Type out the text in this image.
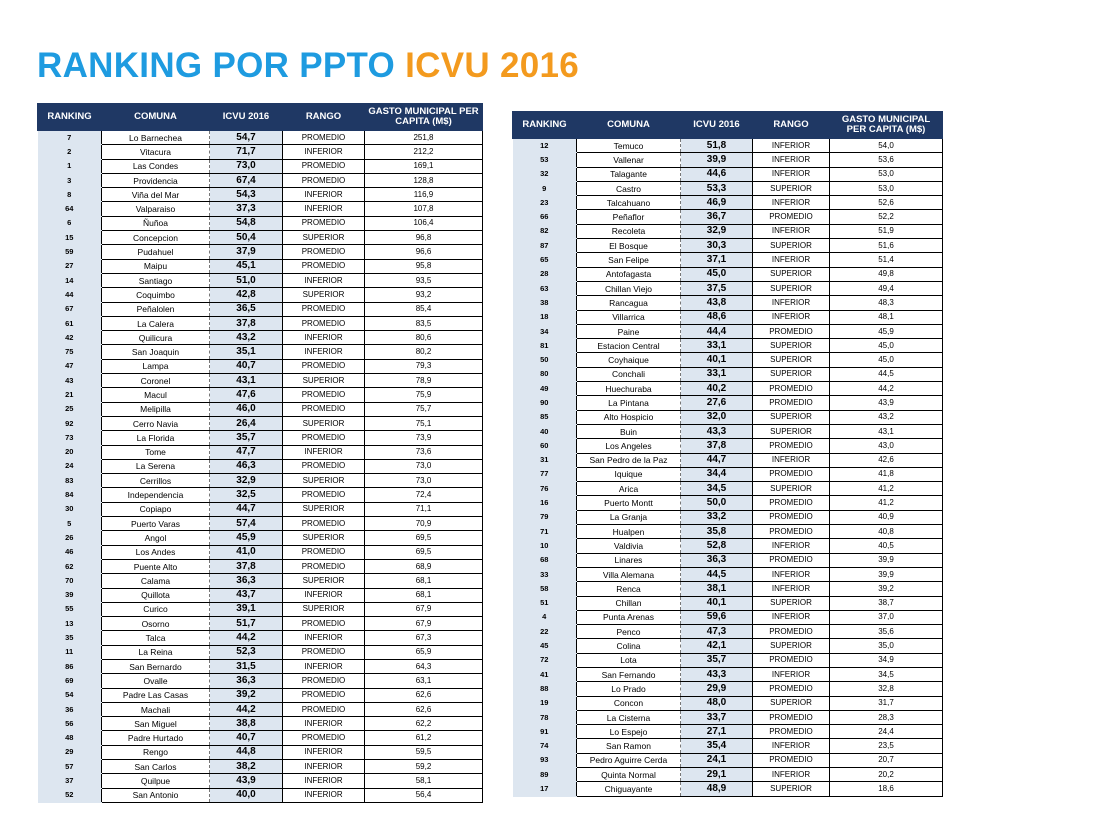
RANKING POR PPTO ICVU 2016
RANKING	COMUNA	ICVU 2016	RANGO	GASTO MUNICIPAL PER CAPITA (M$)
7	Lo Barnechea	54,7	PROMEDIO	251,8
2	Vitacura	71,7	INFERIOR	212,2
1	Las Condes	73,0	PROMEDIO	169,1
3	Providencia	67,4	PROMEDIO	128,8
8	Viña del Mar	54,3	INFERIOR	116,9
64	Valparaiso	37,3	INFERIOR	107,8
6	Ñuñoa	54,8	PROMEDIO	106,4
15	Concepcion	50,4	SUPERIOR	96,8
59	Pudahuel	37,9	PROMEDIO	96,6
27	Maipu	45,1	PROMEDIO	95,8
14	Santiago	51,0	INFERIOR	93,5
44	Coquimbo	42,8	SUPERIOR	93,2
67	Peñalolen	36,5	PROMEDIO	85,4
61	La Calera	37,8	PROMEDIO	83,5
42	Quilicura	43,2	INFERIOR	80,6
75	San Joaquin	35,1	INFERIOR	80,2
47	Lampa	40,7	PROMEDIO	79,3
43	Coronel	43,1	SUPERIOR	78,9
21	Macul	47,6	PROMEDIO	75,9
25	Melipilla	46,0	PROMEDIO	75,7
92	Cerro Navia	26,4	SUPERIOR	75,1
73	La Florida	35,7	PROMEDIO	73,9
20	Tome	47,7	INFERIOR	73,6
24	La Serena	46,3	PROMEDIO	73,0
83	Cerrillos	32,9	SUPERIOR	73,0
84	Independencia	32,5	PROMEDIO	72,4
30	Copiapo	44,7	SUPERIOR	71,1
5	Puerto Varas	57,4	PROMEDIO	70,9
26	Angol	45,9	SUPERIOR	69,5
46	Los Andes	41,0	PROMEDIO	69,5
62	Puente Alto	37,8	PROMEDIO	68,9
70	Calama	36,3	SUPERIOR	68,1
39	Quillota	43,7	INFERIOR	68,1
55	Curico	39,1	SUPERIOR	67,9
13	Osorno	51,7	PROMEDIO	67,9
35	Talca	44,2	INFERIOR	67,3
11	La Reina	52,3	PROMEDIO	65,9
86	San Bernardo	31,5	INFERIOR	64,3
69	Ovalle	36,3	PROMEDIO	63,1
54	Padre Las Casas	39,2	PROMEDIO	62,6
36	Machali	44,2	PROMEDIO	62,6
56	San Miguel	38,8	INFERIOR	62,2
48	Padre Hurtado	40,7	PROMEDIO	61,2
29	Rengo	44,8	INFERIOR	59,5
57	San Carlos	38,2	INFERIOR	59,2
37	Quilpue	43,9	INFERIOR	58,1
52	San Antonio	40,0	INFERIOR	56,4
RANKING	COMUNA	ICVU 2016	RANGO	GASTO MUNICIPAL PER CAPITA (M$)
12	Temuco	51,8	INFERIOR	54,0
53	Vallenar	39,9	INFERIOR	53,6
32	Talagante	44,6	INFERIOR	53,0
9	Castro	53,3	SUPERIOR	53,0
23	Talcahuano	46,9	INFERIOR	52,6
66	Peñaflor	36,7	PROMEDIO	52,2
82	Recoleta	32,9	INFERIOR	51,9
87	El Bosque	30,3	SUPERIOR	51,6
65	San Felipe	37,1	INFERIOR	51,4
28	Antofagasta	45,0	SUPERIOR	49,8
63	Chillan Viejo	37,5	SUPERIOR	49,4
38	Rancagua	43,8	INFERIOR	48,3
18	Villarrica	48,6	INFERIOR	48,1
34	Paine	44,4	PROMEDIO	45,9
81	Estacion Central	33,1	SUPERIOR	45,0
50	Coyhaique	40,1	SUPERIOR	45,0
80	Conchali	33,1	SUPERIOR	44,5
49	Huechuraba	40,2	PROMEDIO	44,2
90	La Pintana	27,6	PROMEDIO	43,9
85	Alto Hospicio	32,0	SUPERIOR	43,2
40	Buin	43,3	SUPERIOR	43,1
60	Los Angeles	37,8	PROMEDIO	43,0
31	San Pedro de la Paz	44,7	INFERIOR	42,6
77	Iquique	34,4	PROMEDIO	41,8
76	Arica	34,5	SUPERIOR	41,2
16	Puerto Montt	50,0	PROMEDIO	41,2
79	La Granja	33,2	PROMEDIO	40,9
71	Hualpen	35,8	PROMEDIO	40,8
10	Valdivia	52,8	INFERIOR	40,5
68	Linares	36,3	PROMEDIO	39,9
33	Villa Alemana	44,5	INFERIOR	39,9
58	Renca	38,1	INFERIOR	39,2
51	Chillan	40,1	SUPERIOR	38,7
4	Punta Arenas	59,6	INFERIOR	37,0
22	Penco	47,3	PROMEDIO	35,6
45	Colina	42,1	SUPERIOR	35,0
72	Lota	35,7	PROMEDIO	34,9
41	San Fernando	43,3	INFERIOR	34,5
88	Lo Prado	29,9	PROMEDIO	32,8
19	Concon	48,0	SUPERIOR	31,7
78	La Cisterna	33,7	PROMEDIO	28,3
91	Lo Espejo	27,1	PROMEDIO	24,4
74	San Ramon	35,4	INFERIOR	23,5
93	Pedro Aguirre Cerda	24,1	PROMEDIO	20,7
89	Quinta Normal	29,1	INFERIOR	20,2
17	Chiguayante	48,9	SUPERIOR	18,6
